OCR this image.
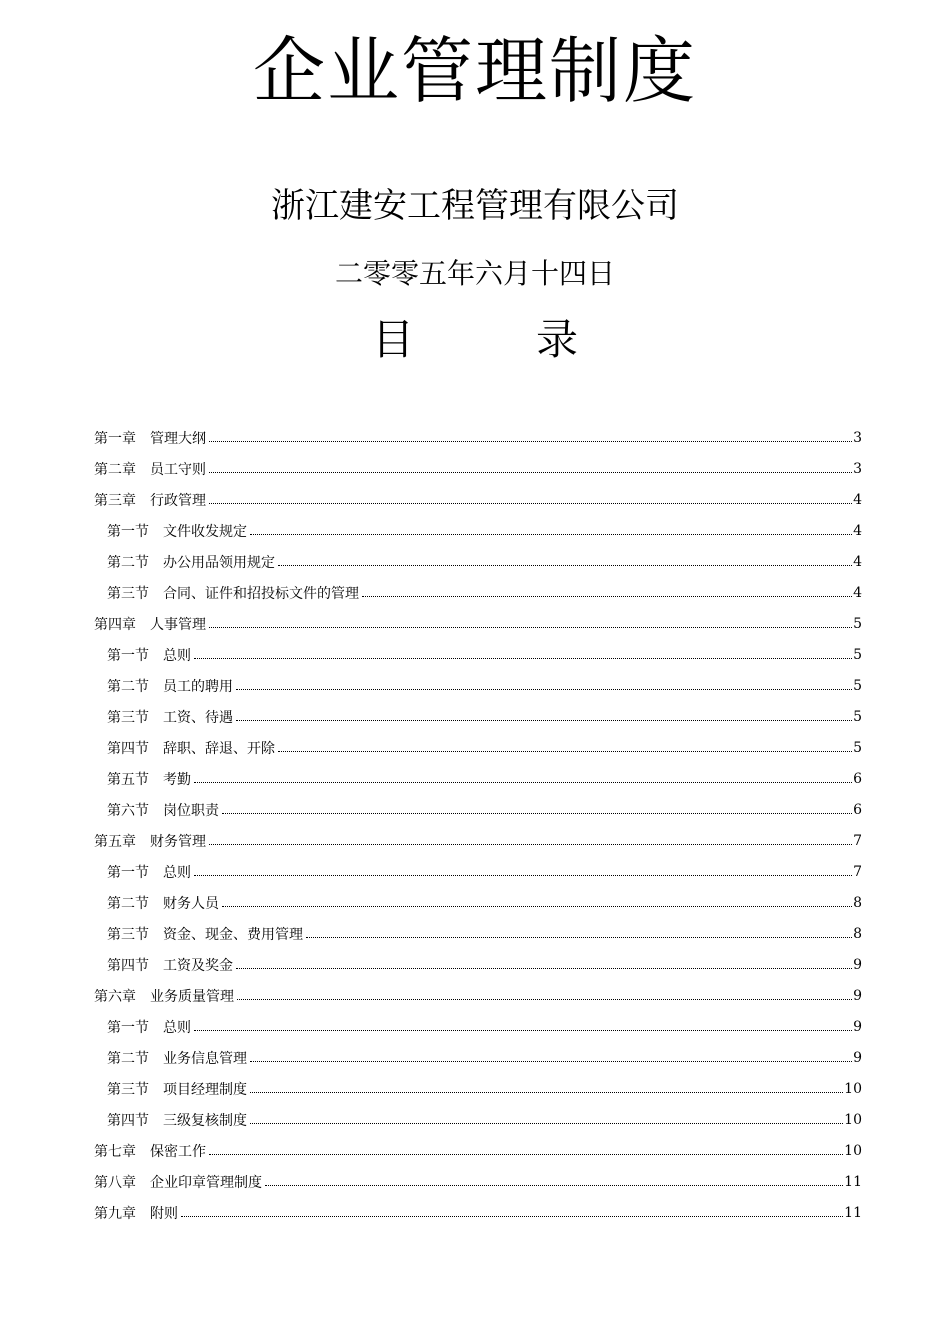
企业管理制度
浙江建安工程管理有限公司
二零零五年六月十四日
目　录
第一章 管理大纲	3
第二章 员工守则	3
第三章 行政管理	4
第一节 文件收发规定	4
第二节 办公用品领用规定	4
第三节 合同、证件和招投标文件的管理	4
第四章 人事管理	5
第一节 总则	5
第二节 员工的聘用	5
第三节 工资、待遇	5
第四节 辞职、辞退、开除	5
第五节 考勤	6
第六节 岗位职责	6
第五章 财务管理	7
第一节 总则	7
第二节 财务人员	8
第三节 资金、现金、费用管理	8
第四节 工资及奖金	9
第六章 业务质量管理	9
第一节 总则	9
第二节 业务信息管理	9
第三节 项目经理制度	10
第四节 三级复核制度	10
第七章 保密工作	10
第八章 企业印章管理制度	11
第九章 附则	11
